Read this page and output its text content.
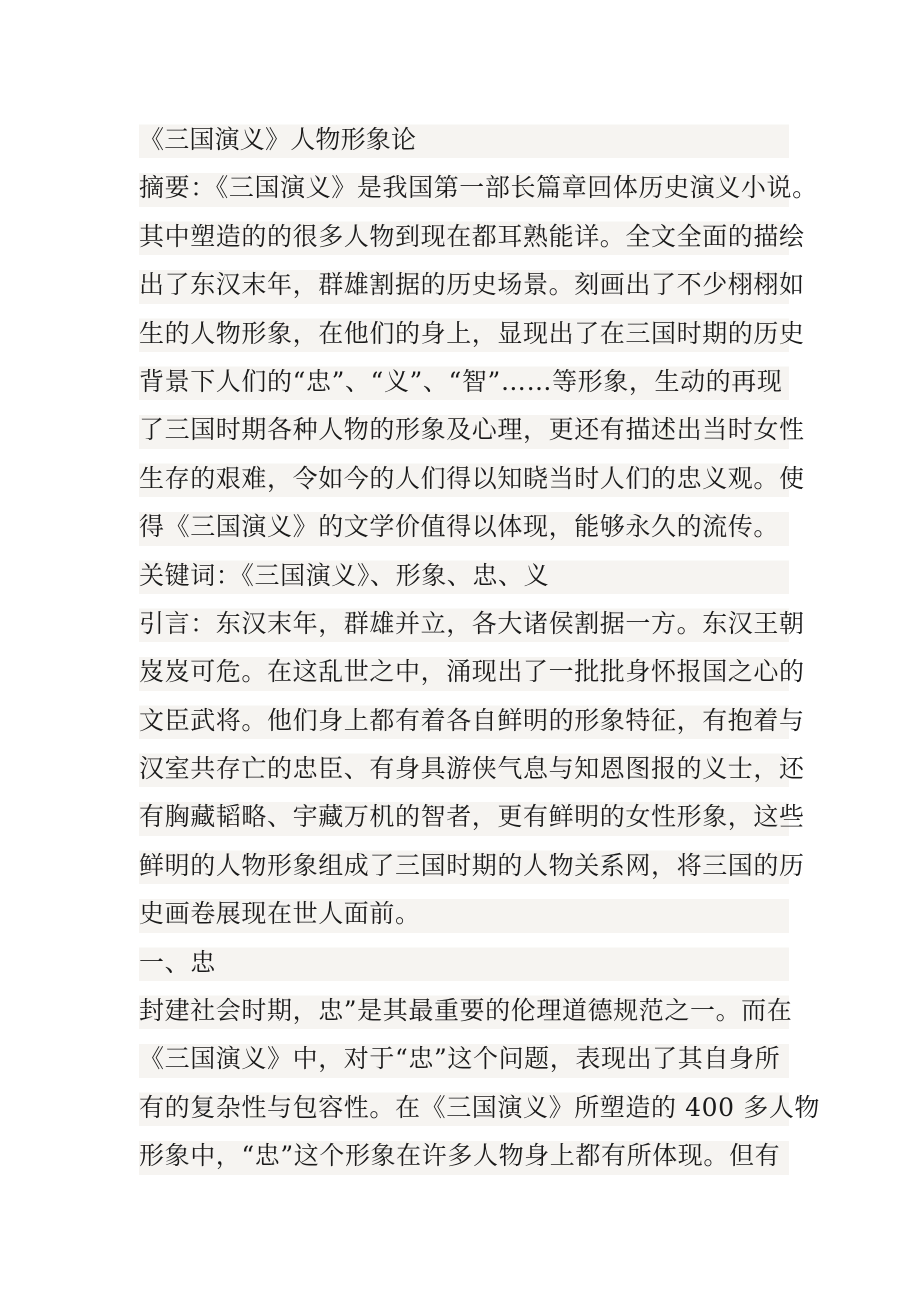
《三国演义》人物形象论
摘要：《三国演义》是我国第一部长篇章回体历史演义小说。
其中塑造的的很多人物到现在都耳熟能详。全文全面的描绘
出了东汉末年，群雄割据的历史场景。刻画出了不少栩栩如
生的人物形象，在他们的身上，显现出了在三国时期的历史
背景下人们的“忠”、“义”、“智”……等形象，生动的再现
了三国时期各种人物的形象及心理，更还有描述出当时女性
生存的艰难，令如今的人们得以知晓当时人们的忠义观。使
得《三国演义》的文学价值得以体现，能够永久的流传。
关键词：《三国演义》、形象、忠、义
引言：东汉末年，群雄并立，各大诸侯割据一方。东汉王朝
岌岌可危。在这乱世之中，涌现出了一批批身怀报国之心的
文臣武将。他们身上都有着各自鲜明的形象特征，有抱着与
汉室共存亡的忠臣、有身具游侠气息与知恩图报的义士，还
有胸藏韬略、宇藏万机的智者，更有鲜明的女性形象，这些
鲜明的人物形象组成了三国时期的人物关系网，将三国的历
史画卷展现在世人面前。
一、忠
封建社会时期，忠”是其最重要的伦理道德规范之一。而在
《三国演义》中，对于“忠”这个问题，表现出了其自身所
有的复杂性与包容性。在《三国演义》所塑造的 400 多人物
形象中，“忠”这个形象在许多人物身上都有所体现。但有
